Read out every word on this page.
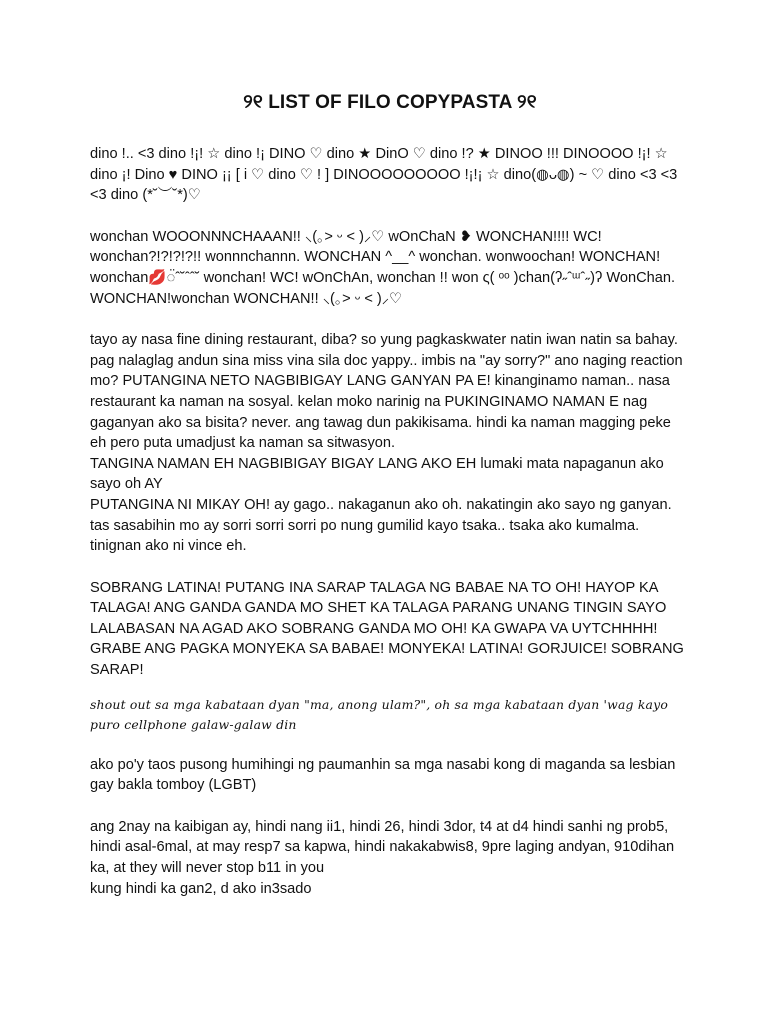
୨୧ LIST OF FILO COPYPASTA ୨୧

dino !.. <3 dino !¡! ☆ dino !¡ DINO ♡ dino ★ DinO ♡ dino !? ★ DINOO !!! DINOOOO !¡! ☆ dino ¡! Dino ♥ DINO ¡¡ [ i ♡ dino ♡ ! ] DINOOOOOOOOO !¡!¡ ☆ dino(◍ᴗ◍) ~ ♡ dino <3 <3 <3 dino (*˘︶˘*)♡

wonchan WOOONNNCHAAAN!! ⸜(｡> ᵕ < )⸝♡ wOnChaN ❥ WONCHAN!!!! WC! wonchan?!?!?!?!! wonnnchannn. WONCHAN ^__^ wonchan. wonwoochan! WONCHAN! wonchan💋◌̈ˆ˘ˆˆ˘ wonchan! WC! wOnChAn, wonchan !! won ς( ᵒᵒ )chan(ʔ˶ˆᵚˆ˶)ʔ WonChan. WONCHAN!wonchan WONCHAN!! ⸜(｡> ᵕ < )⸝♡

tayo ay nasa fine dining restaurant, diba? so yung pagkaskwater natin iwan natin sa bahay. pag nalaglag andun sina miss vina sila doc yappy.. imbis na "ay sorry?" ano naging reaction mo? PUTANGINA NETO NAGBIBIGAY LANG GANYAN PA E! kinanginamo naman.. nasa restaurant ka naman na sosyal. kelan moko narinig na PUKINGINAMO NAMAN E nag gaganyan ako sa bisita? never. ang tawag dun pakikisama. hindi ka naman magging peke eh pero puta umadjust ka naman sa sitwasyon.

TANGINA NAMAN EH NAGBIBIGAY BIGAY LANG AKO EH lumaki mata napaganun ako sayo oh AY

PUTANGINA NI MIKAY OH! ay gago.. nakaganun ako oh. nakatingin ako sayo ng ganyan. tas sasabihin mo ay sorri sorri sorri po nung gumilid kayo tsaka.. tsaka ako kumalma. tinignan ako ni vince eh.

SOBRANG LATINA! PUTANG INA SARAP TALAGA NG BABAE NA TO OH! HAYOP KA TALAGA! ANG GANDA GANDA MO SHET KA TALAGA PARANG UNANG TINGIN SAYO LALABASAN NA AGAD AKO SOBRANG GANDA MO OH! KA GWAPA VA UYTCHHHH! GRABE ANG PAGKA MONYEKA SA BABAE! MONYEKA! LATINA! GORJUICE! SOBRANG SARAP!

shout out sa mga kabataan dyan "ma, anong ulam?", oh sa mga kabataan dyan 'wag kayo puro cellphone galaw-galaw din

ako po'y taos pusong humihingi ng paumanhin sa mga nasabi kong di maganda sa lesbian gay bakla tomboy (LGBT)

ang 2nay na kaibigan ay, hindi nang ii1, hindi 26, hindi 3dor, t4 at d4 hindi sanhi ng prob5, hindi asal-6mal, at may resp7 sa kapwa, hindi nakakabwis8, 9pre laging andyan, 910dihan ka, at they will never stop b11 in you

kung hindi ka gan2, d ako in3sado
